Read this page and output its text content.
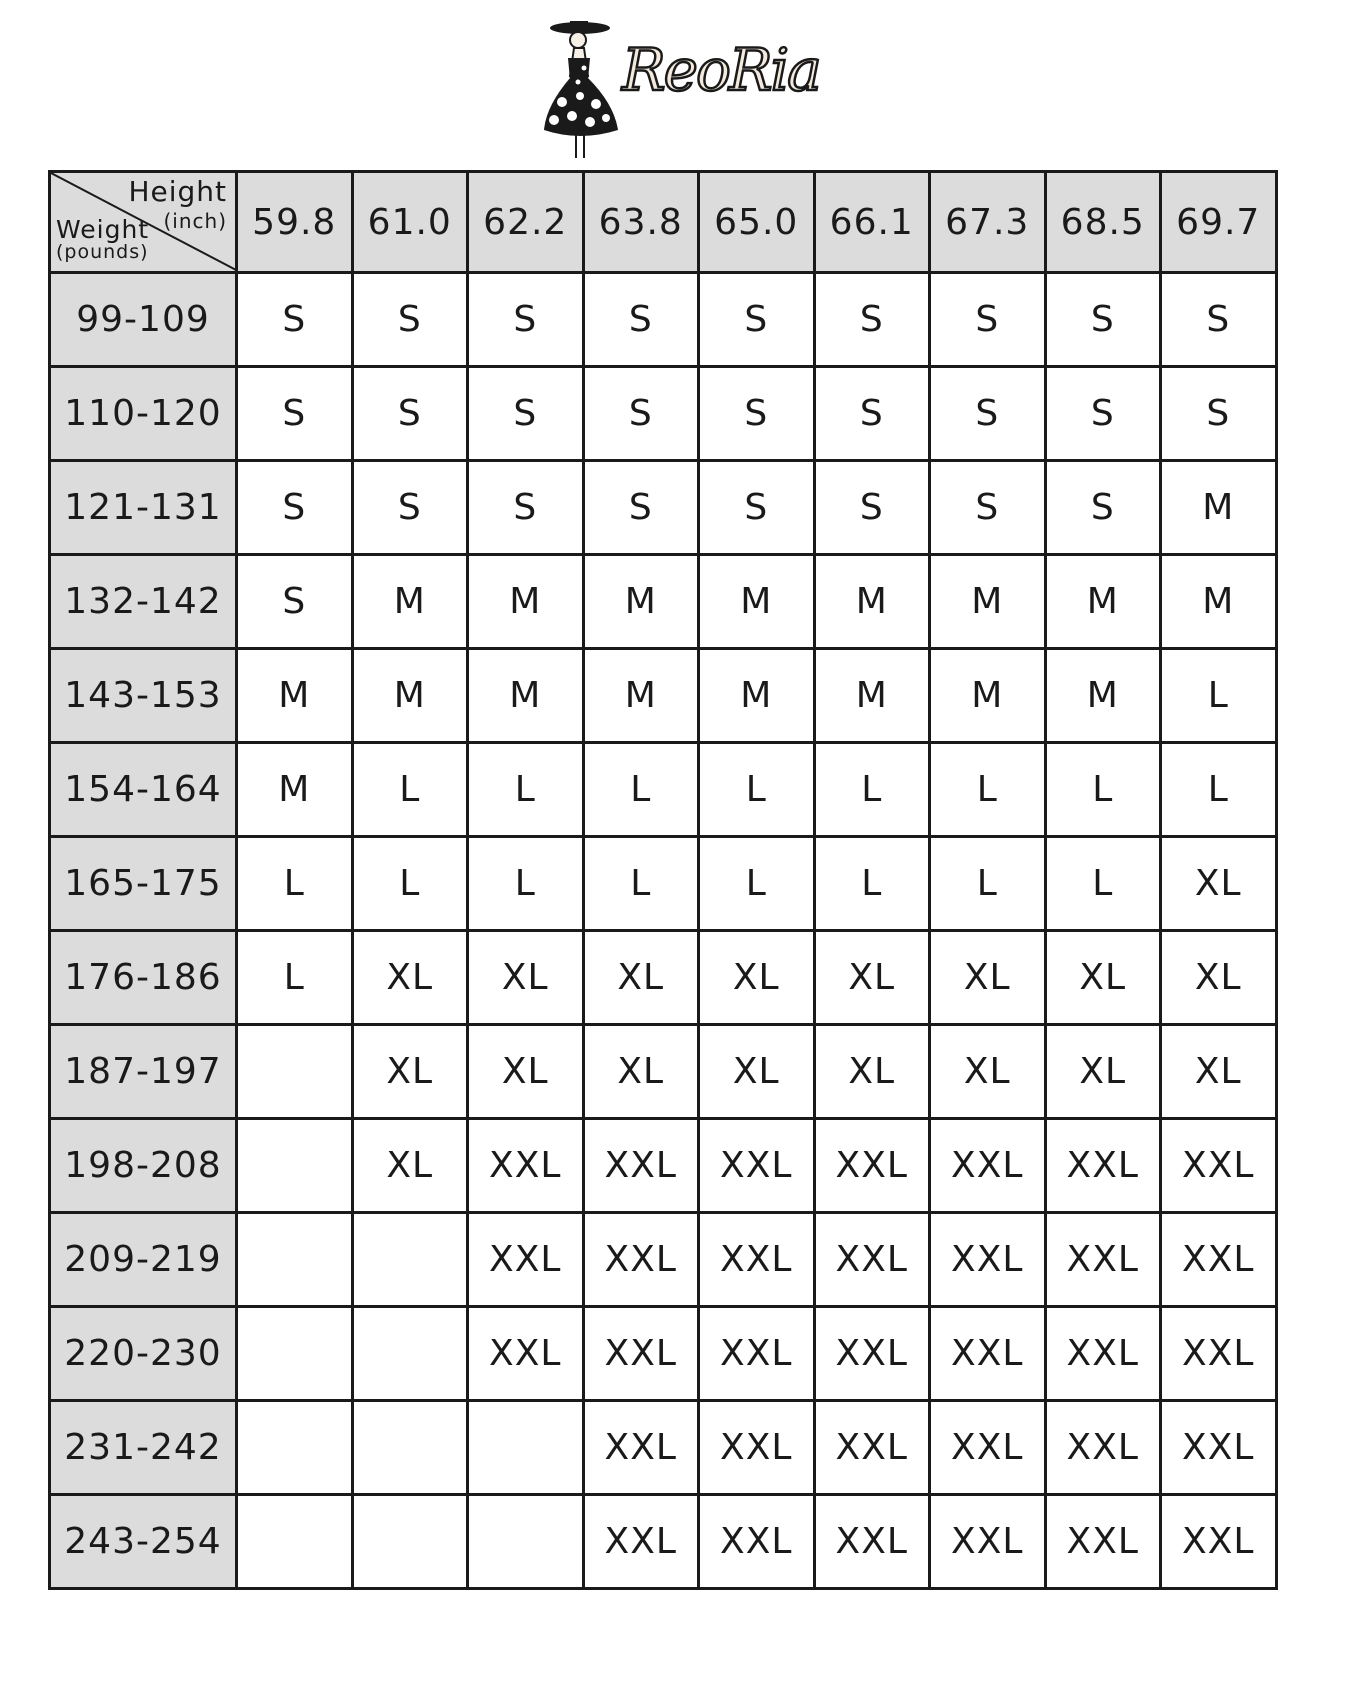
ReoRia
Height
(inch)
Weight
(pounds)	59.8	61.0	62.2	63.8	65.0	66.1	67.3	68.5	69.7
99-109	S	S	S	S	S	S	S	S	S
110-120	S	S	S	S	S	S	S	S	S
121-131	S	S	S	S	S	S	S	S	M
132-142	S	M	M	M	M	M	M	M	M
143-153	M	M	M	M	M	M	M	M	L
154-164	M	L	L	L	L	L	L	L	L
165-175	L	L	L	L	L	L	L	L	XL
176-186	L	XL	XL	XL	XL	XL	XL	XL	XL
187-197		XL	XL	XL	XL	XL	XL	XL	XL
198-208		XL	XXL	XXL	XXL	XXL	XXL	XXL	XXL
209-219			XXL	XXL	XXL	XXL	XXL	XXL	XXL
220-230			XXL	XXL	XXL	XXL	XXL	XXL	XXL
231-242				XXL	XXL	XXL	XXL	XXL	XXL
243-254				XXL	XXL	XXL	XXL	XXL	XXL
